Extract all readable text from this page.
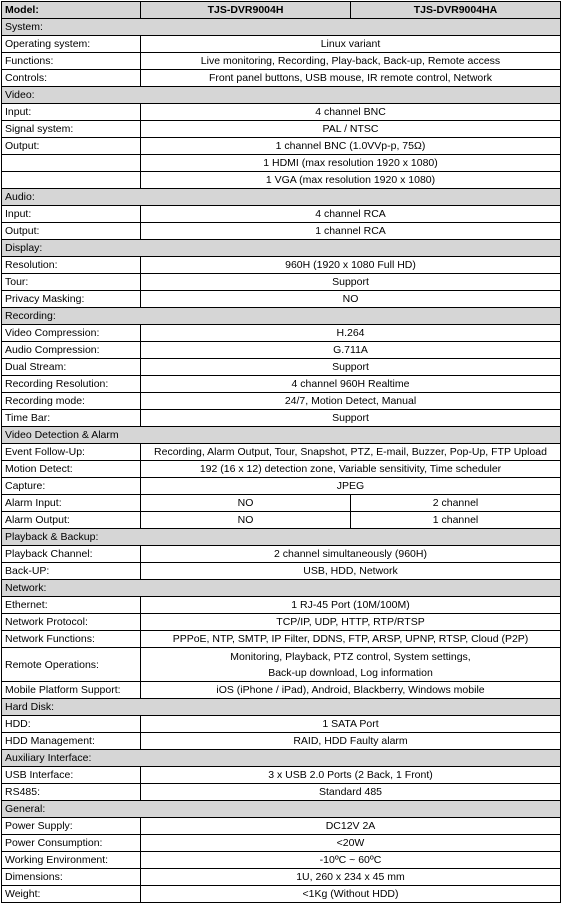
Model:	TJS-DVR9004H	TJS-DVR9004HA
System:		
Operating system:	Linux variant	
Functions:	Live monitoring, Recording, Play-back, Back-up, Remote access	
Controls:	Front panel buttons, USB mouse, IR remote control, Network	
Video:		
Input:	4 channel BNC	
Signal system:	PAL / NTSC	
Output:	1 channel BNC (1.0VVp-p, 75Ω)	
	1 HDMI (max resolution 1920 x 1080)	
	1 VGA (max resolution 1920 x 1080)	
Audio:		
Input:	4 channel RCA	
Output:	1 channel RCA	
Display:		
Resolution:	960H (1920 x 1080 Full HD)	
Tour:	Support	
Privacy Masking:	NO	
Recording:		
Video Compression:	H.264	
Audio Compression:	G.711A	
Dual Stream:	Support	
Recording Resolution:	4 channel 960H Realtime	
Recording mode:	24/7, Motion Detect, Manual	
Time Bar:	Support	
Video Detection & Alarm		
Event Follow-Up:	Recording, Alarm Output, Tour, Snapshot, PTZ, E-mail, Buzzer, Pop-Up, FTP Upload	
Motion Detect:	192 (16 x 12) detection zone, Variable sensitivity, Time scheduler	
Capture:	JPEG	
Alarm Input:	NO	2 channel
Alarm Output:	NO	1 channel
Playback & Backup:		
Playback Channel:	2 channel simultaneously (960H)	
Back-UP:	USB, HDD, Network	
Network:		
Ethernet:	1 RJ-45 Port (10M/100M)	
Network Protocol:	TCP/IP, UDP, HTTP, RTP/RTSP	
Network Functions:	PPPoE, NTP, SMTP, IP Filter, DDNS, FTP, ARSP, UPNP, RTSP, Cloud (P2P)	
Remote Operations:	Monitoring, Playback, PTZ control, System settings,
Back-up download, Log information	

Mobile Platform Support:	iOS (iPhone / iPad), Android, Blackberry, Windows mobile	
Hard Disk:		
HDD:	1 SATA Port	
HDD Management:	RAID, HDD Faulty alarm	
Auxiliary Interface:		
USB Interface:	3 x USB 2.0 Ports (2 Back, 1 Front)	
RS485:	Standard 485	
General:		
Power Supply:	DC12V 2A	
Power Consumption:	<20W	
Working Environment:	-10ºC ~ 60ºC	
Dimensions:	1U, 260 x 234 x 45 mm	
Weight:	<1Kg (Without HDD)	
